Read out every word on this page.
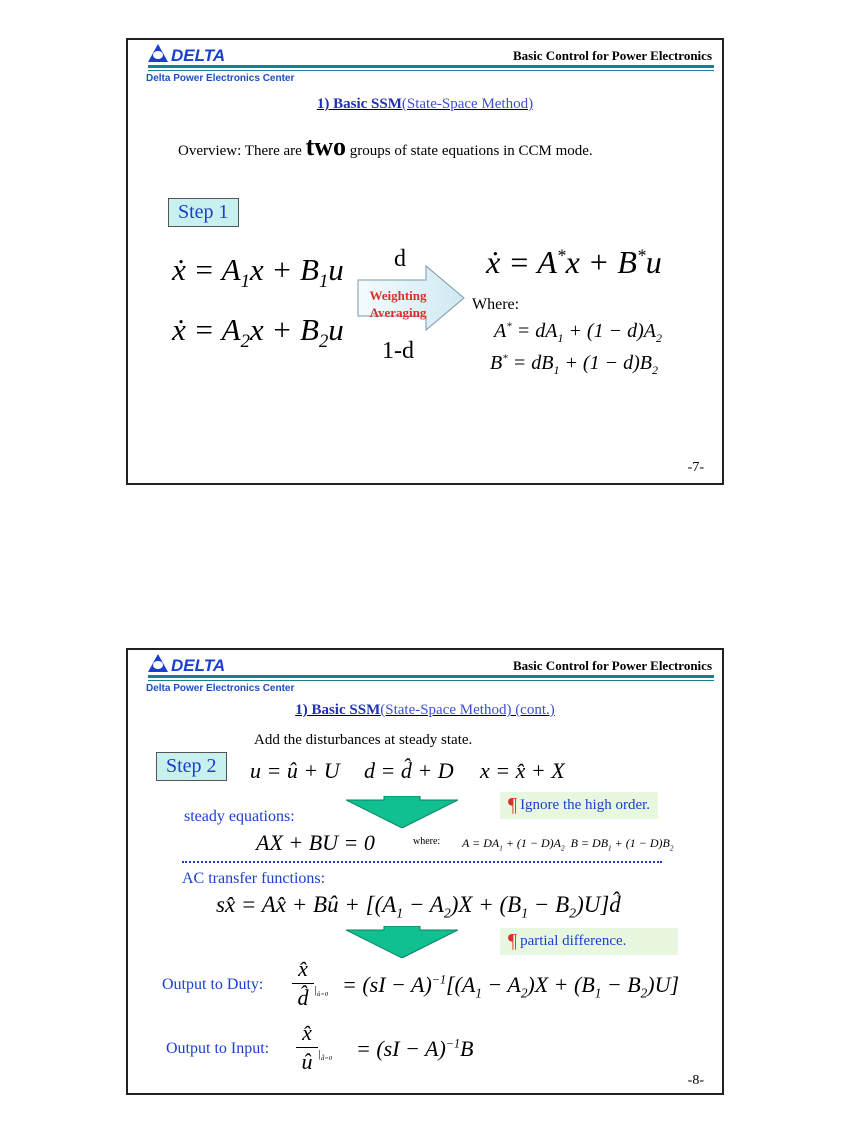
DELTA	Basic Control for Power Electronics
Delta Power Electronics Center
1) Basic SSM(State-Space Method)
Overview: There are two groups of state equations in CCM mode.
Step 1
ẋ = $A_1x + B_1u$
ẋ = $A_2x + B_2u$
d
1-d
Weighting
Averaging
ẋ = A*x + B*u
Where:
$A^* = dA_1 + (1 - d)A_2$
$B^* = dB_1 + (1 - d)B_2$
-7-
DELTA	Basic Control for Power Electronics
Delta Power Electronics Center
1) Basic SSM(State-Space Method) (cont.)
Add the disturbances at steady state.
Step 2	u = û + U d = d̂ + D x = x̂ + X
steady equations:
¶ Ignore the high order.
AX + BU = 0	where: $A = DA_1 + (1 - D)A_2$  $B = DB_1 + (1 - D)B_2$
AC transfer functions:
sx̂ = Ax̂ + Bû + [$(A_1 - A_2)X + (B_1$ − $B_2)U]d̂$
¶ partial difference.
Output to Duty:
x̂
d̂ $|_{û=0} = (sI - A)^{-1}[(A_1 - A_2)X + (B_1 - B_2)U]$
Output to Input:
x̂
û $|_{d̂=0} = (sI - A)^{-1}B$
-8-
